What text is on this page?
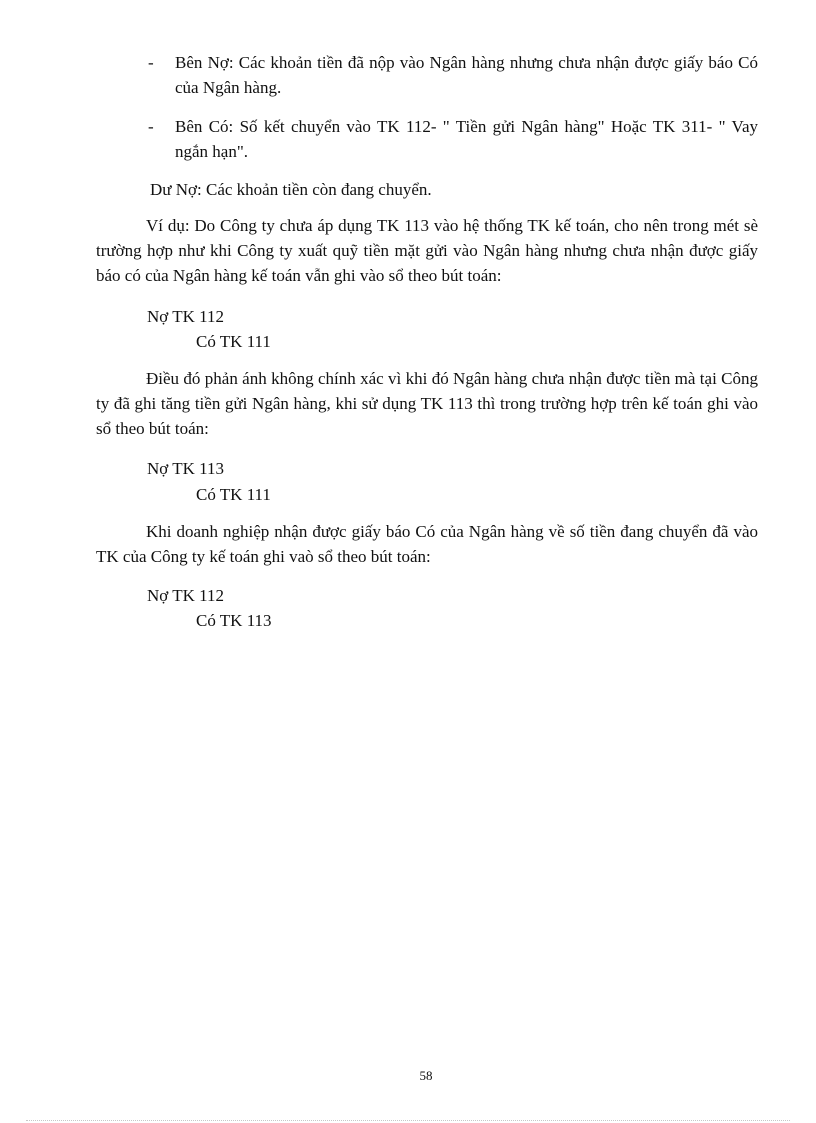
- Bên Nợ: Các khoản tiền đã nộp vào Ngân hàng nhưng chưa nhận được giấy báo Có của Ngân hàng.
- Bên Có: Số kết chuyển vào TK 112- " Tiền gửi Ngân hàng" Hoặc TK 311- " Vay ngắn hạn".
Dư Nợ: Các khoản tiền còn đang chuyển.
Ví dụ: Do Công ty chưa áp dụng TK 113 vào hệ thống TK kế toán, cho nên trong mét sè trường hợp như khi Công ty xuất quỹ tiền mặt gửi vào Ngân hàng nhưng chưa nhận được giấy báo có của Ngân hàng kế toán vẫn ghi vào sổ theo bút toán:
Nợ TK 112
Có TK 111
Điều đó phản ánh không chính xác vì khi đó Ngân hàng chưa nhận được tiền mà tại Công ty đã ghi tăng tiền gửi Ngân hàng, khi sử dụng TK 113 thì trong trường hợp trên kế toán ghi vào sổ theo bút toán:
Nợ TK 113
Có TK 111
Khi doanh nghiệp nhận được giấy báo Có của Ngân hàng về số tiền đang chuyển đã vào TK của Công ty kế toán ghi vaò sổ theo bút toán:
Nợ TK 112
Có TK 113
58
